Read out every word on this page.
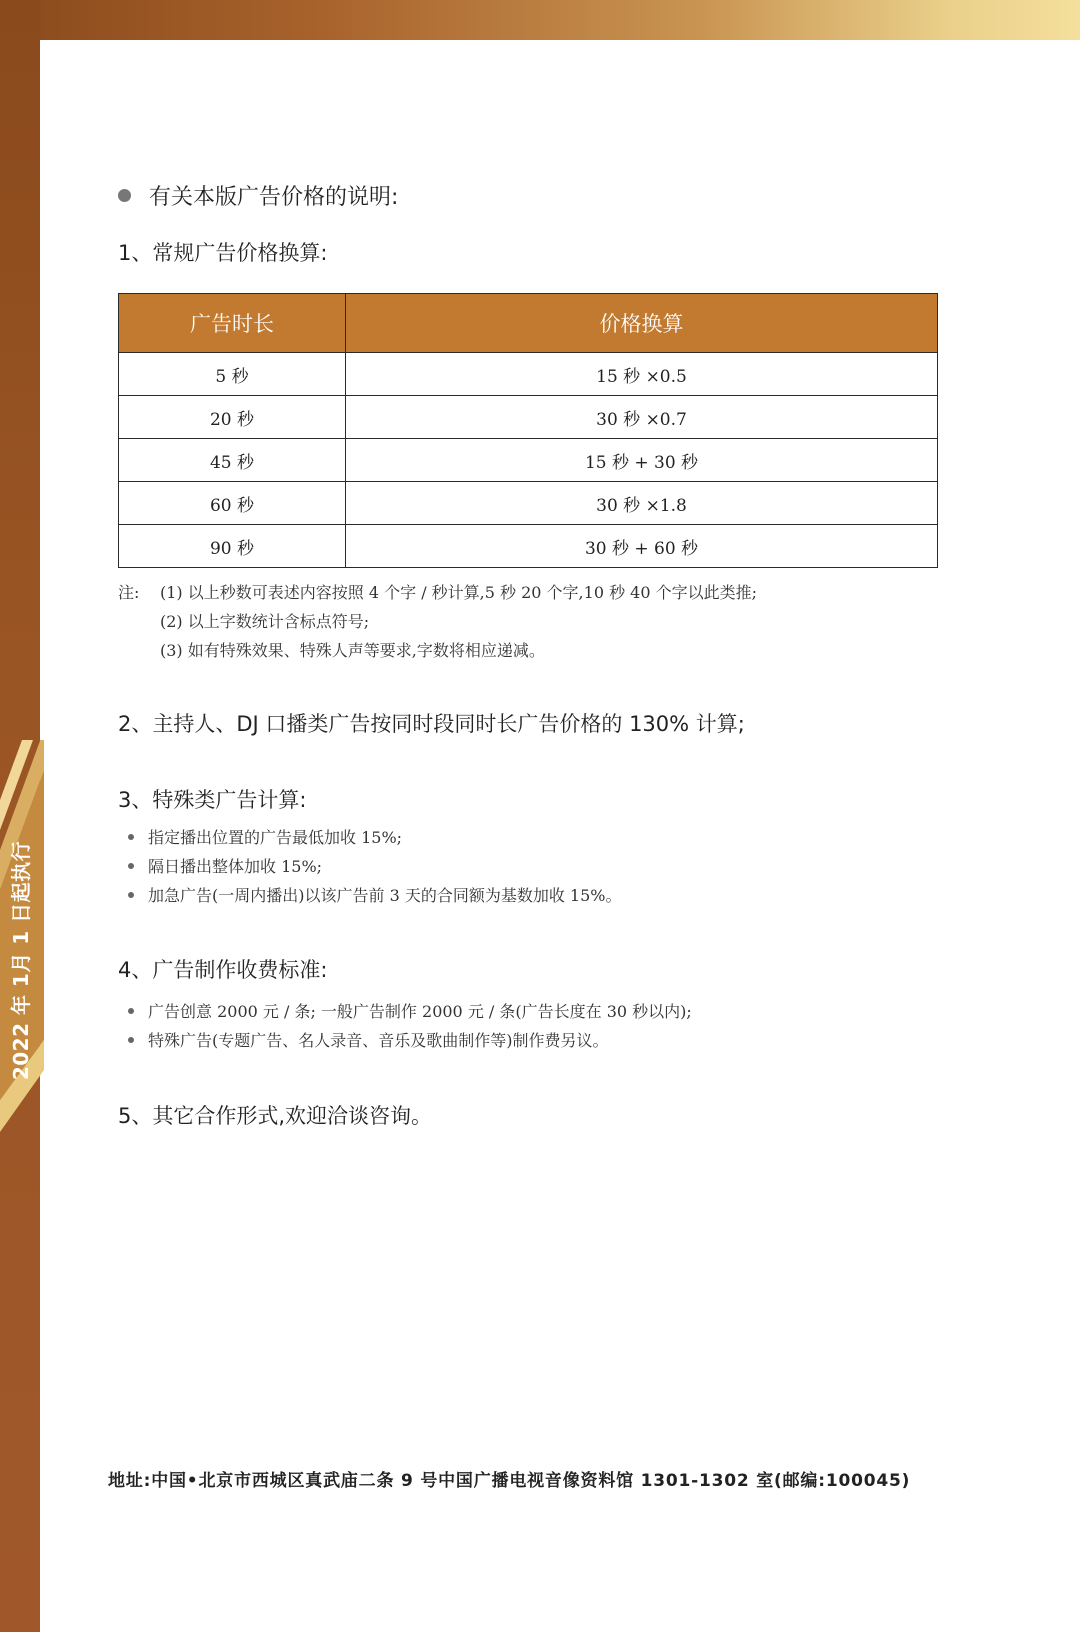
2022 年 1月 1 日起执行
有关本版广告价格的说明:
1、常规广告价格换算:
广告时长	价格换算
5 秒	15 秒 ×0.5
20 秒	30 秒 ×0.7
45 秒	15 秒 + 30 秒
60 秒	30 秒 ×1.8
90 秒	30 秒 + 60 秒
注:	(1) 以上秒数可表述内容按照 4 个字 / 秒计算,5 秒 20 个字,10 秒 40 个字以此类推;
(2) 以上字数统计含标点符号;
(3) 如有特殊效果、特殊人声等要求,字数将相应递减。
2、主持人、DJ 口播类广告按同时段同时长广告价格的 130% 计算;
3、特殊类广告计算:
指定播出位置的广告最低加收 15%;
隔日播出整体加收 15%;
加急广告(一周内播出)以该广告前 3 天的合同额为基数加收 15%。
4、广告制作收费标准:
广告创意 2000 元 / 条; 一般广告制作 2000 元 / 条(广告长度在 30 秒以内);
特殊广告(专题广告、名人录音、音乐及歌曲制作等)制作费另议。
5、其它合作形式,欢迎洽谈咨询。
地址:中国•北京市西城区真武庙二条 9 号中国广播电视音像资料馆 1301-1302 室(邮编:100045)
